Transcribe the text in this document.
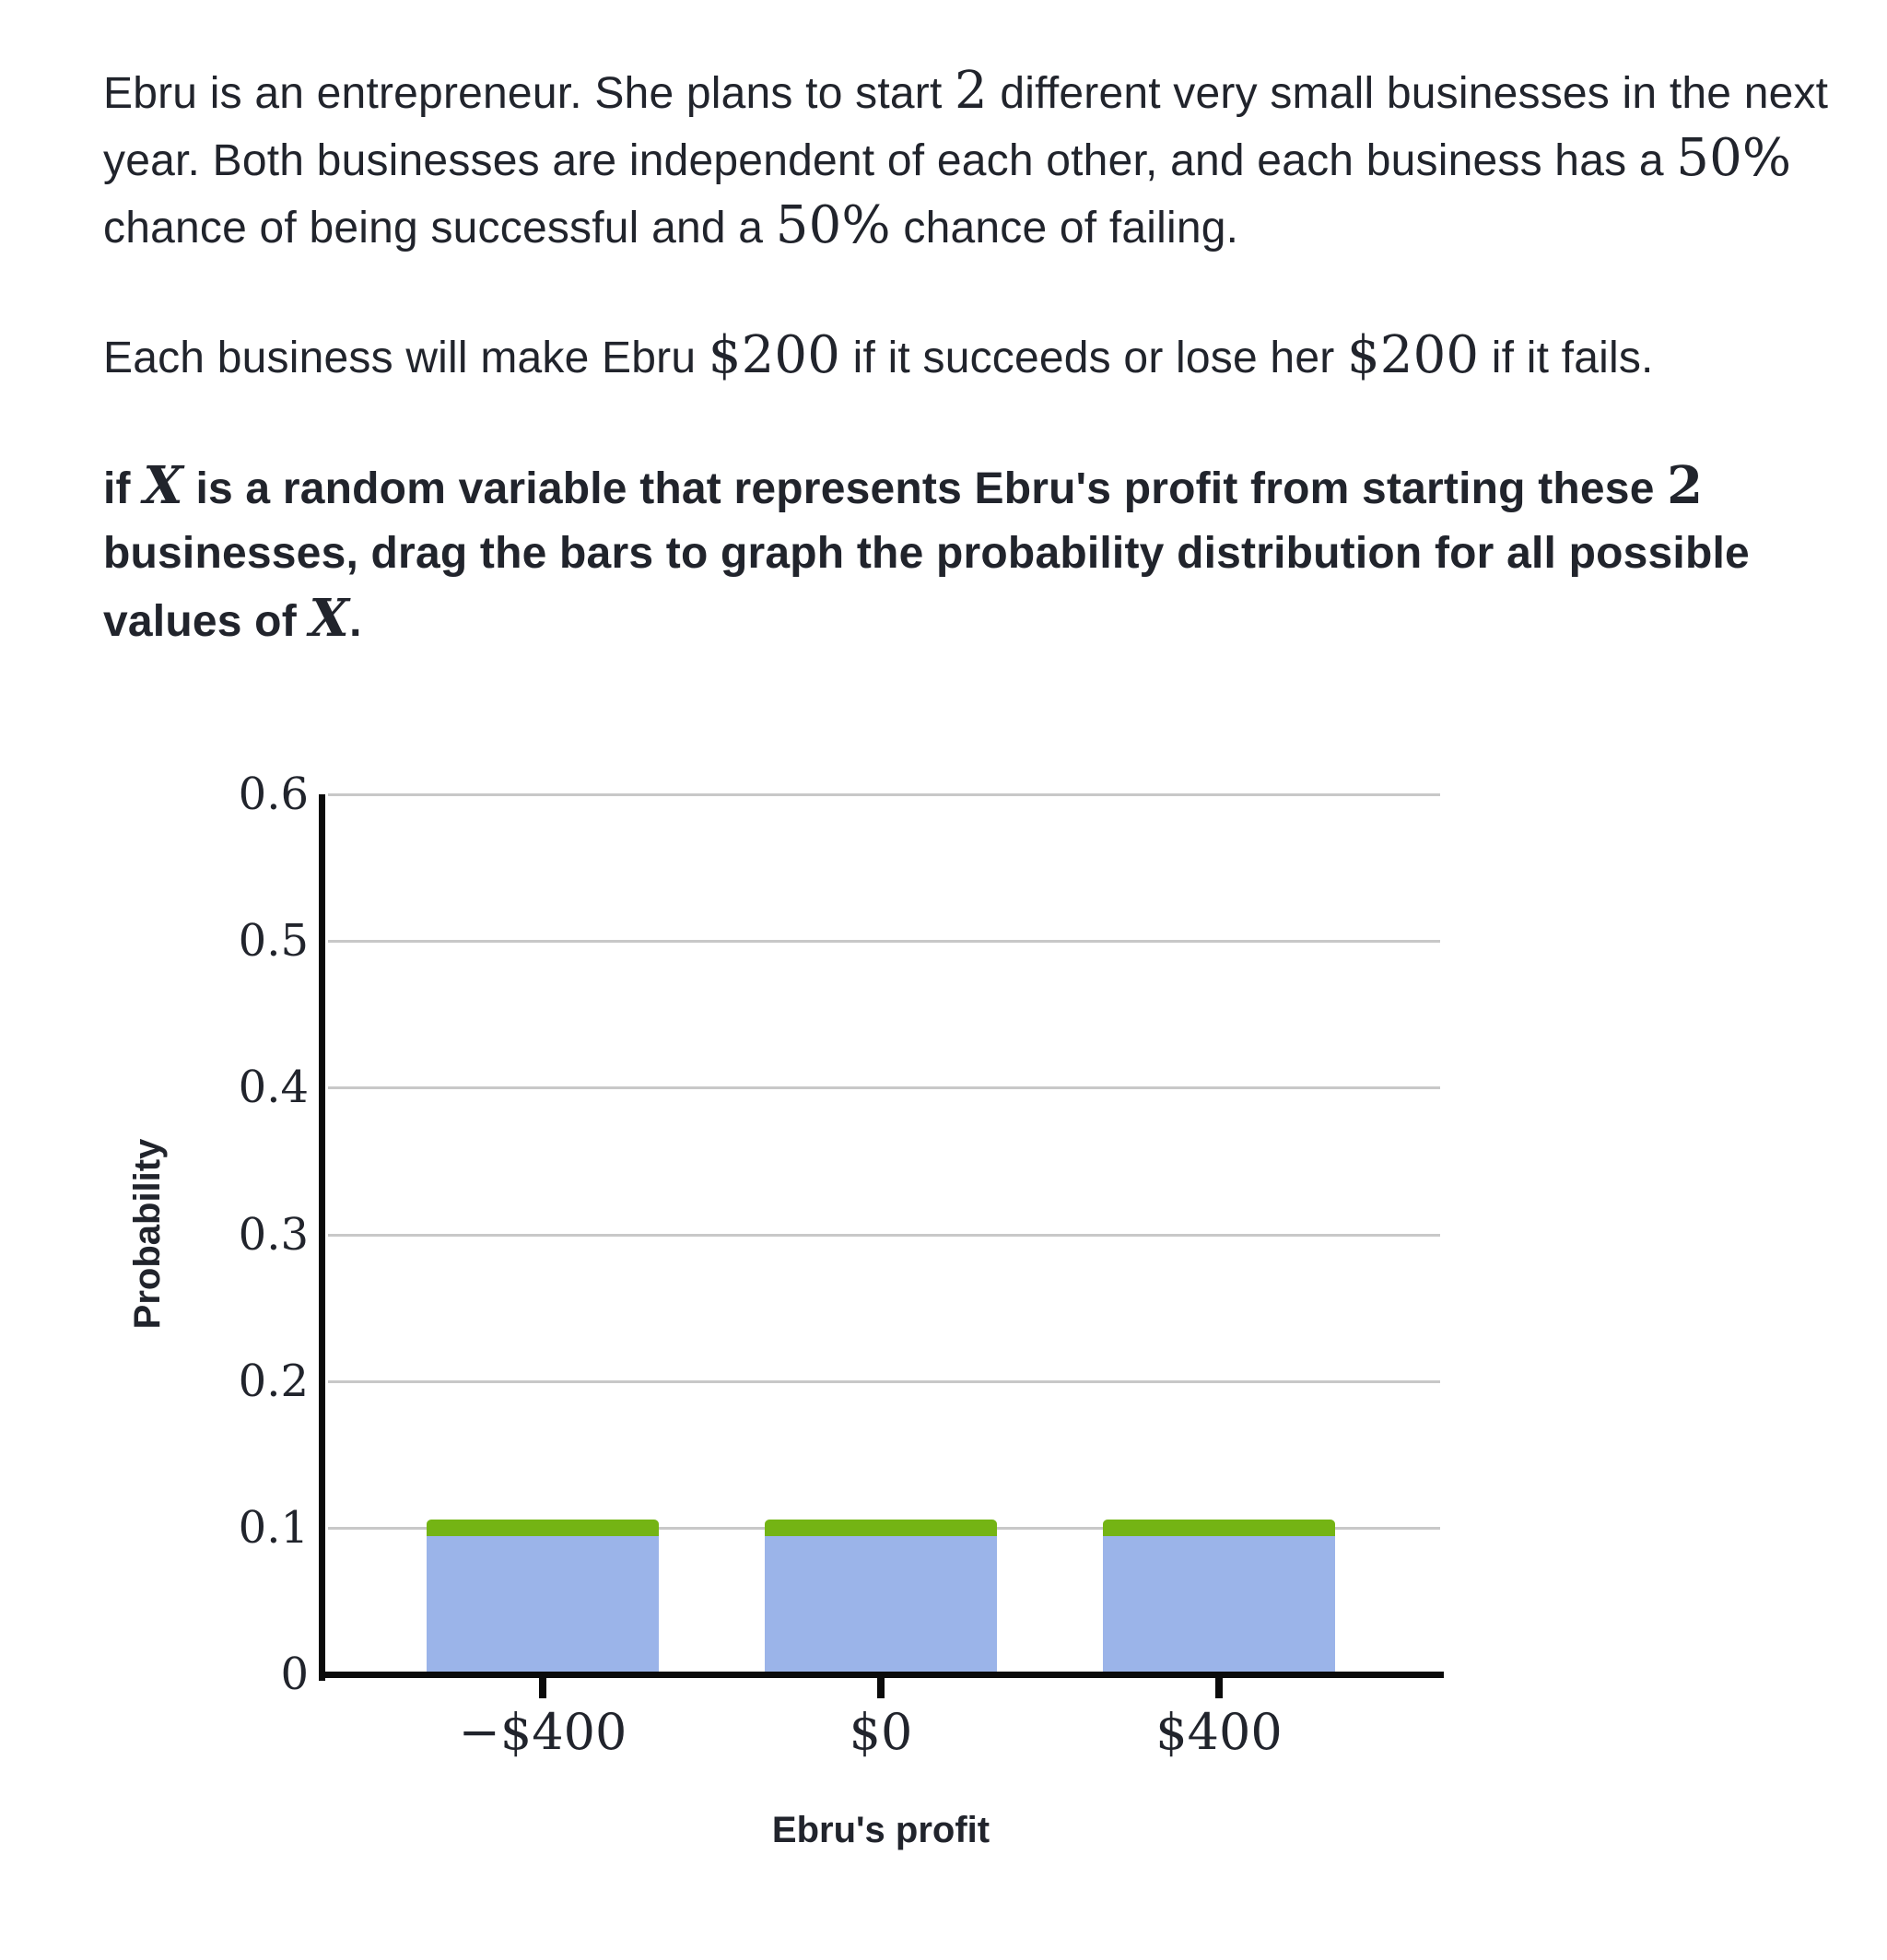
Ebru is an entrepreneur. She plans to start 2 different very small businesses in the next year. Both businesses are independent of each other, and each business has a 50% chance of being successful and a 50% chance of failing.

Each business will make Ebru $200 if it succeeds or lose her $200 if it fails.

if X is a random variable that represents Ebru's profit from starting these 2 businesses, drag the bars to graph the probability distribution for all possible values of X.

0
0.1
0.2
0.3
0.4
0.5
0.6
−$400	$0	$400
Probability
Ebru's profit
